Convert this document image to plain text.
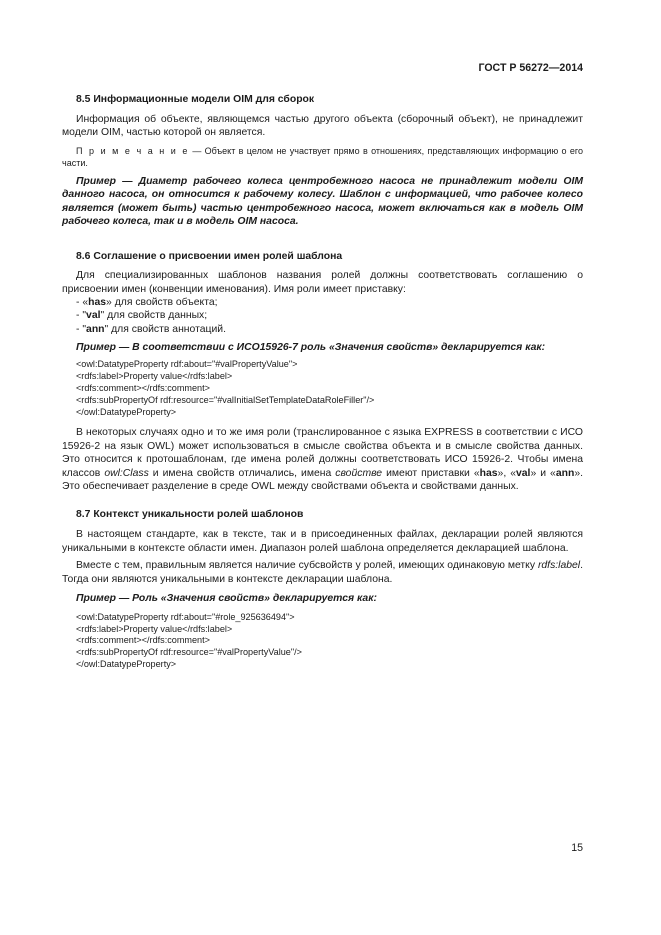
ГОСТ Р 56272—2014
8.5 Информационные модели OIM для сборок

Информация об объекте, являющемся частью другого объекта (сборочный объект), не принадлежит модели OIM, частью которой он является.

П р и м е ч а н и е — Объект в целом не участвует прямо в отношениях, представляющих информацию о его части.

Пример — Диаметр рабочего колеса центробежного насоса не принадлежит модели OIM данного насоса, он относится к рабочему колесу. Шаблон с информацией, что рабочее колесо является (может быть) частью центробежного насоса, может включаться как в модель OIM рабочего колеса, так и в модель OIM насоса.

8.6 Соглашение о присвоении имен ролей шаблона

Для специализированных шаблонов названия ролей должны соответствовать соглашению о присвоении имен (конвенции именования). Имя роли имеет приставку:

- «has» для свойств объекта;
- "val" для свойств данных;
- "ann" для свойств аннотаций.
Пример — В соответствии с ИСО15926-7 роль «Значения свойств» декларируется как:
<owl:DatatypeProperty rdf:about="#valPropertyValue">
<rdfs:label>Property value</rdfs:label>
<rdfs:comment></rdfs:comment>
<rdfs:subPropertyOf rdf:resource="#valInitialSetTemplateDataRoleFiller"/>
</owl:DatatypeProperty>

В некоторых случаях одно и то же имя роли (транслированное с языка EXPRESS в соответствии с ИСО 15926-2 на язык OWL) может использоваться в смысле свойства объекта и в смысле свойства данных. Это относится к протошаблонам, где имена ролей должны соответствовать ИСО 15926-2. Чтобы имена классов owl:Class и имена свойств отличались, имена свойстве имеют приставки «has», «val» и «ann». Это обеспечивает разделение в среде OWL между свойствами объекта и свойствами данных.

8.7 Контекст уникальности ролей шаблонов

В настоящем стандарте, как в тексте, так и в присоединенных файлах, декларации ролей являются уникальными в контексте области имен. Диапазон ролей шаблона определяется декларацией шаблона.

Вместе с тем, правильным является наличие субсвойств у ролей, имеющих одинаковую метку rdfs:label. Тогда они являются уникальными в контексте декларации шаблона.

Пример — Роль «Значения свойств» декларируется как:
<owl:DatatypeProperty rdf:about="#role_925636494">
<rdfs:label>Property value</rdfs:label>
<rdfs:comment></rdfs:comment>
<rdfs:subPropertyOf rdf:resource="#valPropertyValue"/>
</owl:DatatypeProperty>
15
